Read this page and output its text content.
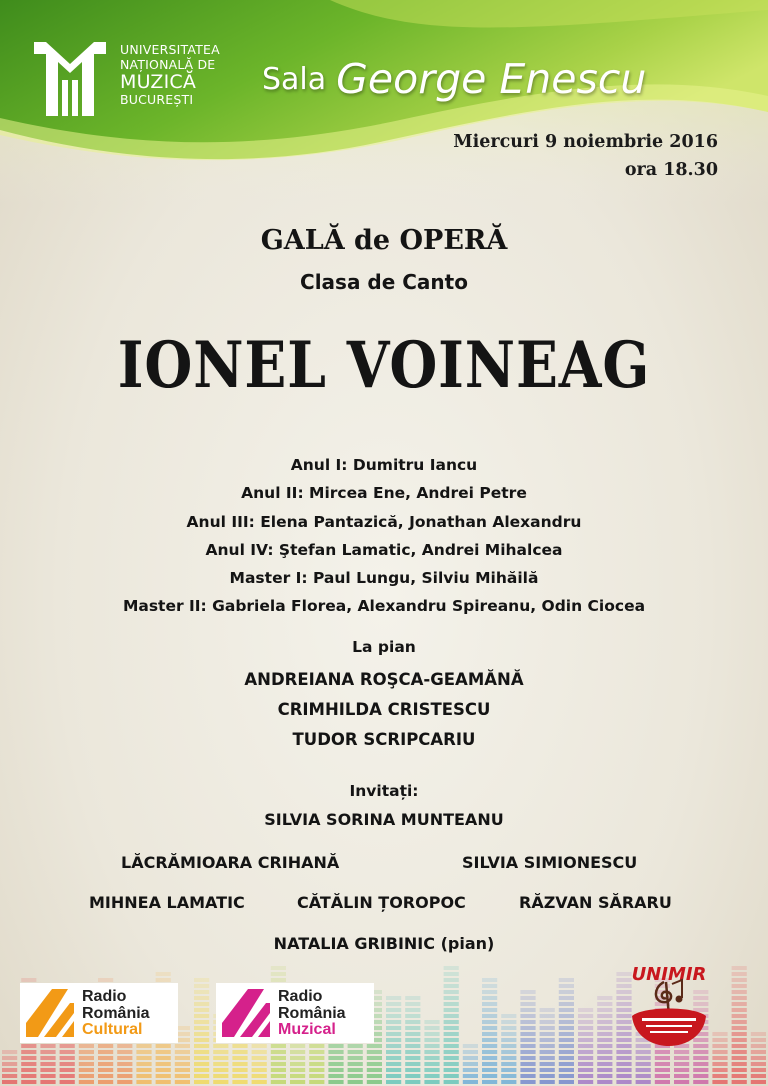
UNIVERSITATEA
NAȚIONALĂ DE
MUZICĂ
BUCUREȘTI
Sala George Enescu
Miercuri 9 noiembrie 2016
ora 18.30
GALĂ de OPERĂ
Clasa de Canto
IONEL VOINEAG
Anul I: Dumitru Iancu
Anul II: Mircea Ene, Andrei Petre
Anul III: Elena Pantazică, Jonathan Alexandru
Anul IV: Ştefan Lamatic, Andrei Mihalcea
Master I: Paul Lungu, Silviu Mihăilă
Master II: Gabriela Florea, Alexandru Spireanu, Odin Ciocea
La pian
ANDREIANA ROŞCA-GEAMĂNĂ
CRIMHILDA CRISTESCU
TUDOR SCRIPCARIU
Invitați:
SILVIA SORINA MUNTEANU
LĂCRĂMIOARA CRIHANĂ	SILVIA SIMIONESCU
MIHNEA LAMATIC	CĂTĂLIN ȚOROPOC	RĂZVAN SĂRARU
NATALIA GRIBINIC (pian)
Radio
România
Cultural
Radio
România
Muzical
UNIMIR
